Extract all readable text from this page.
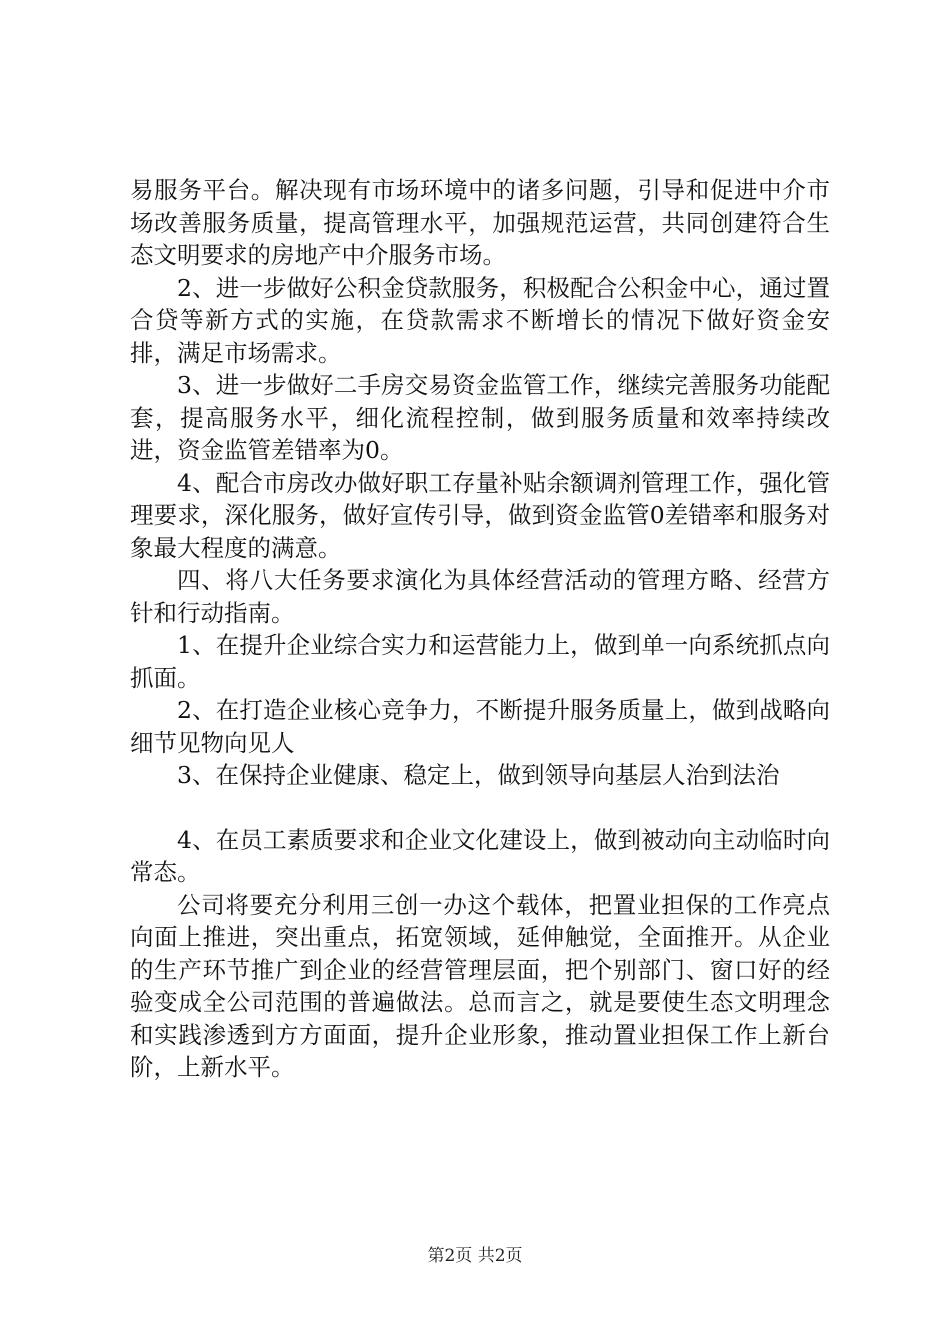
易服务平台。解决现有市场环境中的诸多问题，引导和促进中介市场改善服务质量，提高管理水平，加强规范运营，共同创建符合生态文明要求的房地产中介服务市场。

2、进一步做好公积金贷款服务，积极配合公积金中心，通过置合贷等新方式的实施，在贷款需求不断增长的情况下做好资金安排，满足市场需求。

3、进一步做好二手房交易资金监管工作，继续完善服务功能配套，提高服务水平，细化流程控制，做到服务质量和效率持续改进，资金监管差错率为0。

4、配合市房改办做好职工存量补贴余额调剂管理工作，强化管理要求，深化服务，做好宣传引导，做到资金监管0差错率和服务对象最大程度的满意。

四、将八大任务要求演化为具体经营活动的管理方略、经营方针和行动指南。

1、在提升企业综合实力和运营能力上，做到单一向系统抓点向抓面。

2、在打造企业核心竞争力，不断提升服务质量上，做到战略向细节见物向见人

3、在保持企业健康、稳定上，做到领导向基层人治到法治

4、在员工素质要求和企业文化建设上，做到被动向主动临时向常态。

公司将要充分利用三创一办这个载体，把置业担保的工作亮点向面上推进，突出重点，拓宽领域，延伸触觉，全面推开。从企业的生产环节推广到企业的经营管理层面，把个别部门、窗口好的经验变成全公司范围的普遍做法。总而言之，就是要使生态文明理念和实践渗透到方方面面，提升企业形象，推动置业担保工作上新台阶，上新水平。

第2页 共2页
